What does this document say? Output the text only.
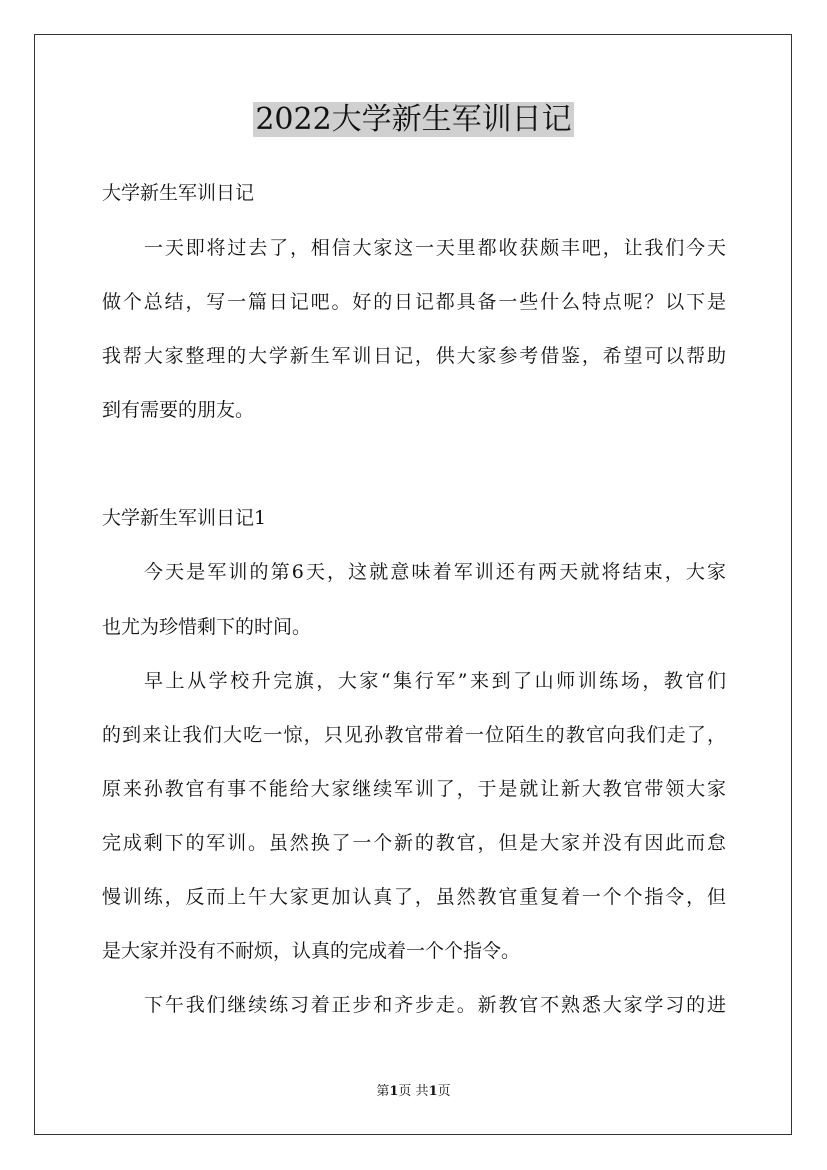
2022大学新生军训日记
大学新生军训日记
一天即将过去了，相信大家这一天里都收获颇丰吧，让我们今天
做个总结，写一篇日记吧。好的日记都具备一些什么特点呢？以下是
我帮大家整理的大学新生军训日记，供大家参考借鉴，希望可以帮助
到有需要的朋友。
大学新生军训日记1
今天是军训的第6天，这就意味着军训还有两天就将结束，大家
也尤为珍惜剩下的时间。
早上从学校升完旗，大家“集行军”来到了山师训练场，教官们
的到来让我们大吃一惊，只见孙教官带着一位陌生的教官向我们走了，
原来孙教官有事不能给大家继续军训了，于是就让新大教官带领大家
完成剩下的军训。虽然换了一个新的教官，但是大家并没有因此而怠
慢训练，反而上午大家更加认真了，虽然教官重复着一个个指令，但
是大家并没有不耐烦，认真的完成着一个个指令。
下午我们继续练习着正步和齐步走。新教官不熟悉大家学习的进
第1页 共1页
